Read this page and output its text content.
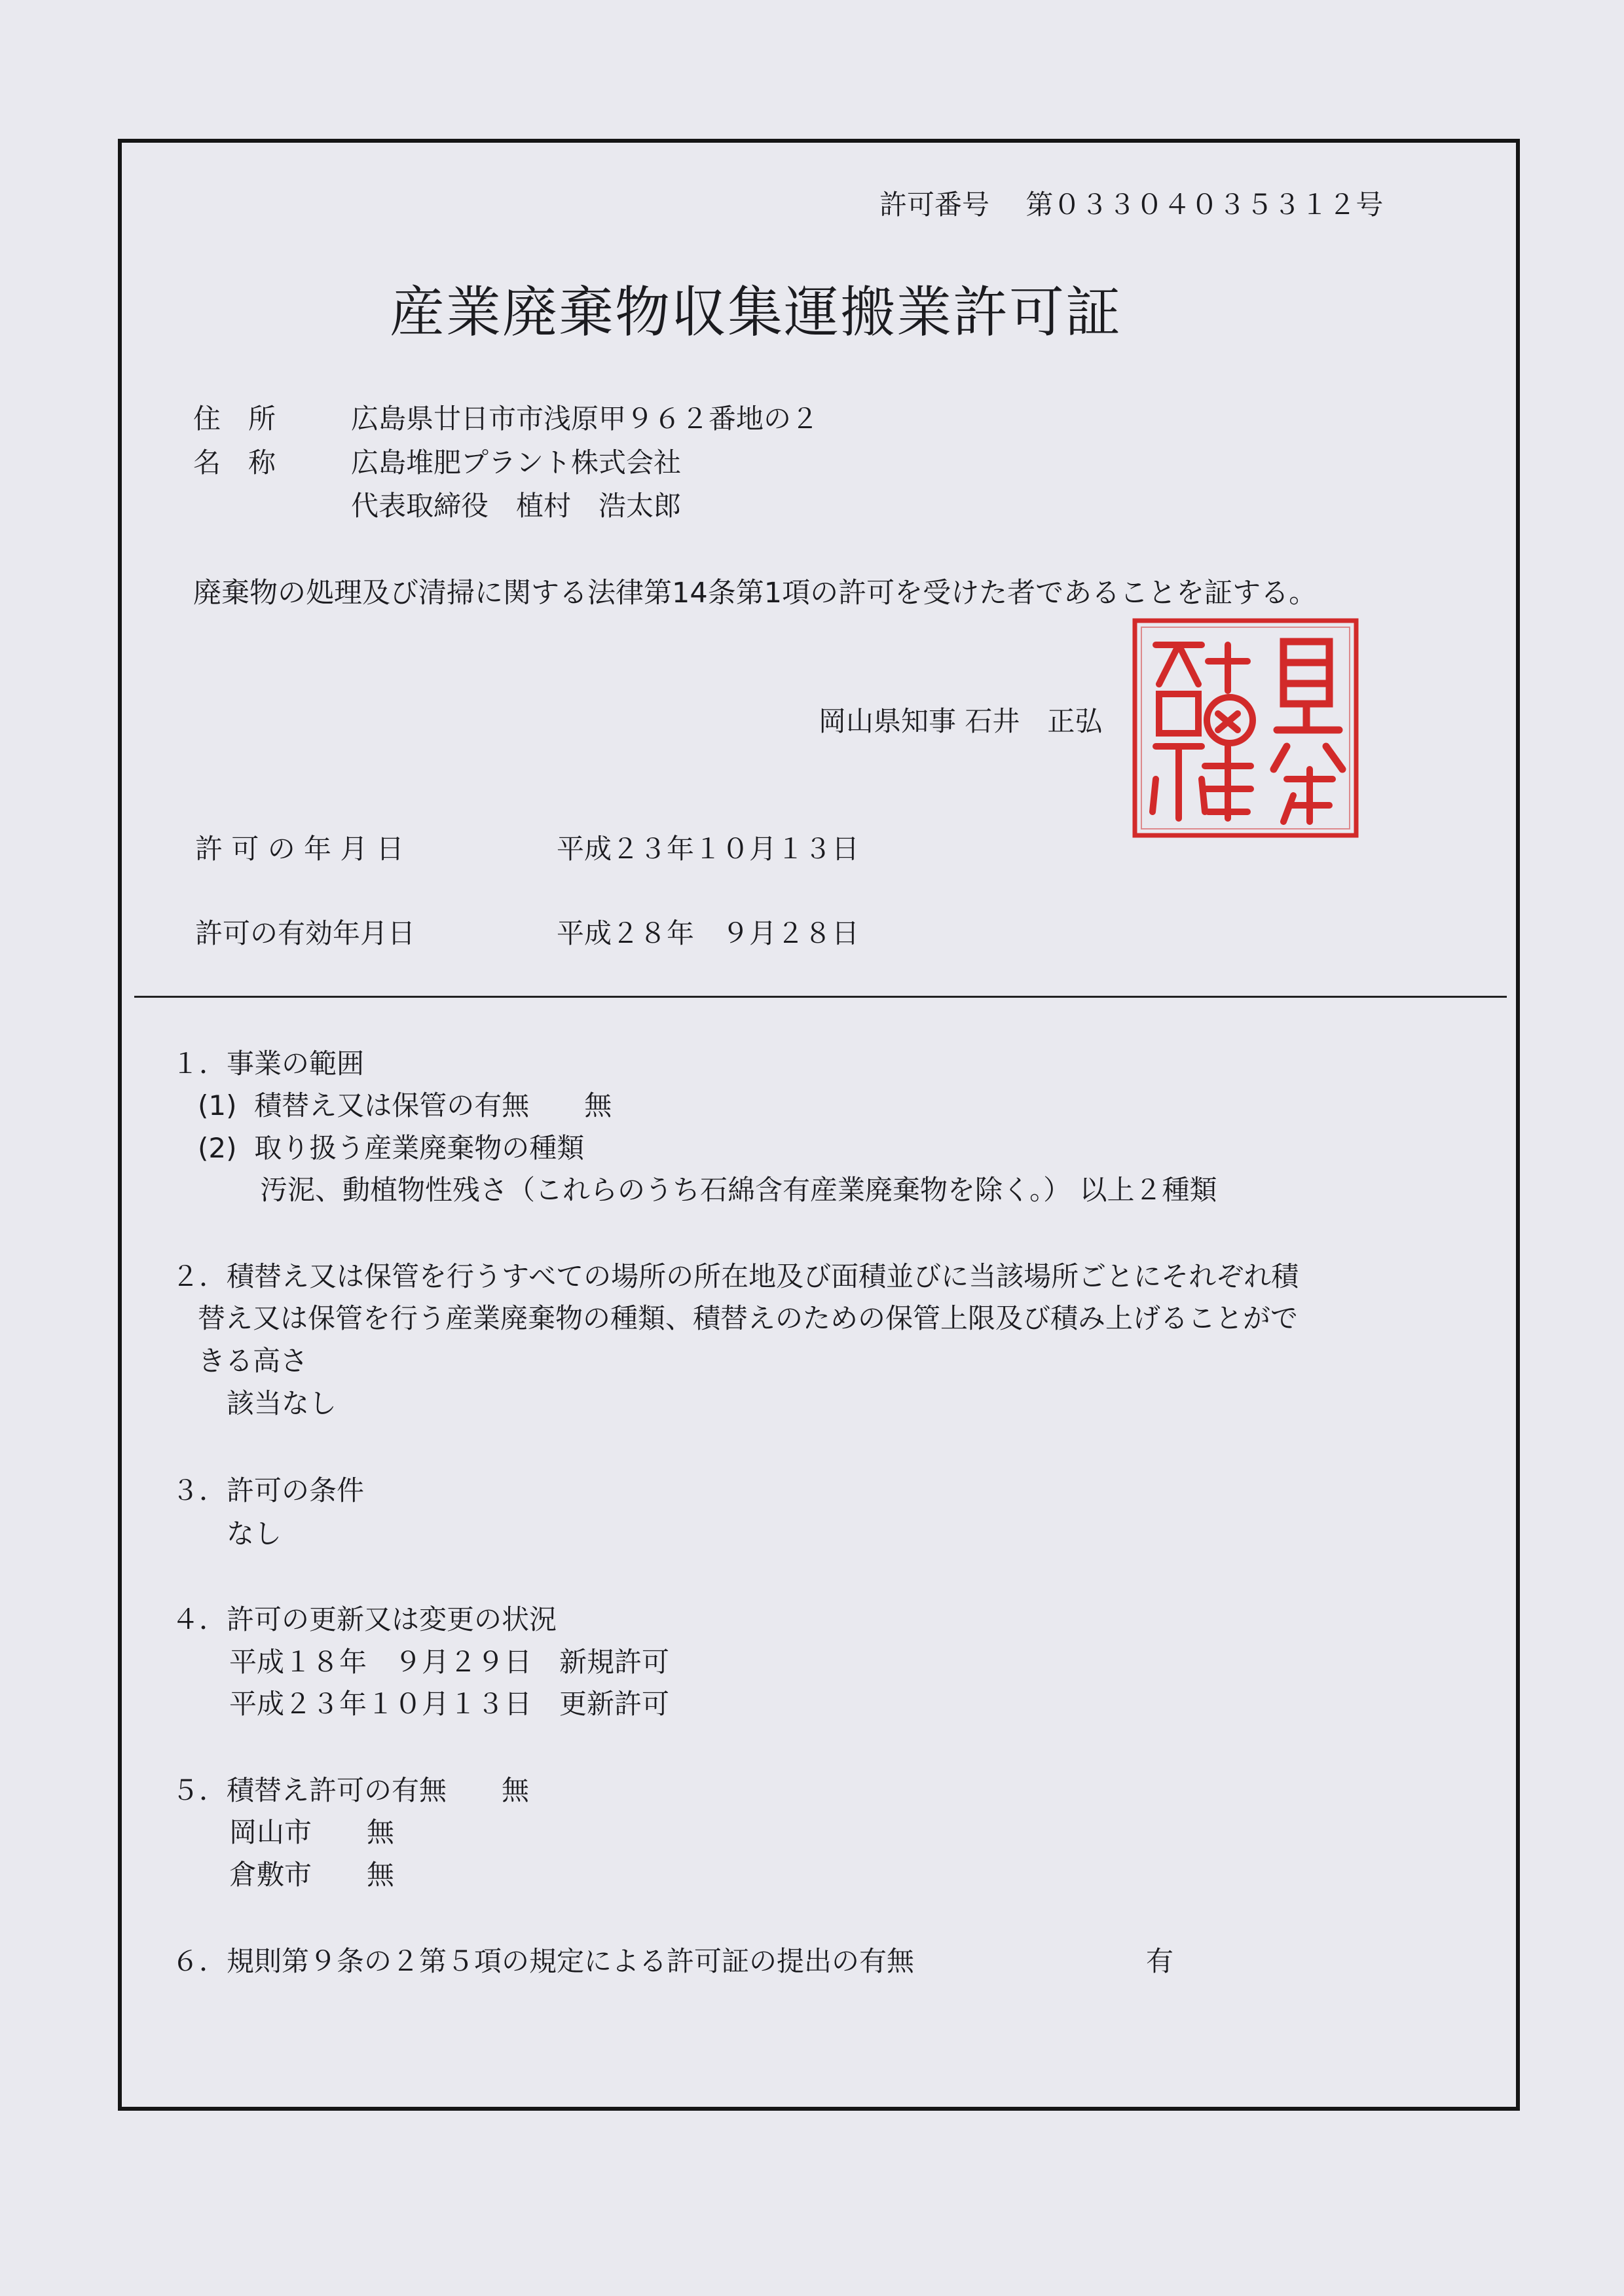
許可番号　 第０３３０４０３５３１２号
産業廃棄物収集運搬業許可証
住　所	広島県廿日市市浅原甲９６２番地の２
名　称	広島堆肥プラント株式会社
代表取締役　植村　浩太郎
廃棄物の処理及び清掃に関する法律第14条第1項の許可を受けた者であることを証する。
岡山県知事 石井　正弘
許 可 の 年 月 日	平成２３年１０月１３日
許可の有効年月日	平成２８年　９月２８日
１．事業の範囲
(1)  積替え又は保管の有無　　無
(2)  取り扱う産業廃棄物の種類
汚泥、動植物性残さ（これらのうち石綿含有産業廃棄物を除く。） 以上２種類
２．積替え又は保管を行うすべての場所の所在地及び面積並びに当該場所ごとにそれぞれ積
替え又は保管を行う産業廃棄物の種類、積替えのための保管上限及び積み上げることがで
きる高さ
該当なし
３．許可の条件
なし
４．許可の更新又は変更の状況
平成１８年　９月２９日　新規許可
平成２３年１０月１３日　更新許可
５．積替え許可の有無　　無
岡山市　　無
倉敷市　　無
６．規則第９条の２第５項の規定による許可証の提出の有無	有
